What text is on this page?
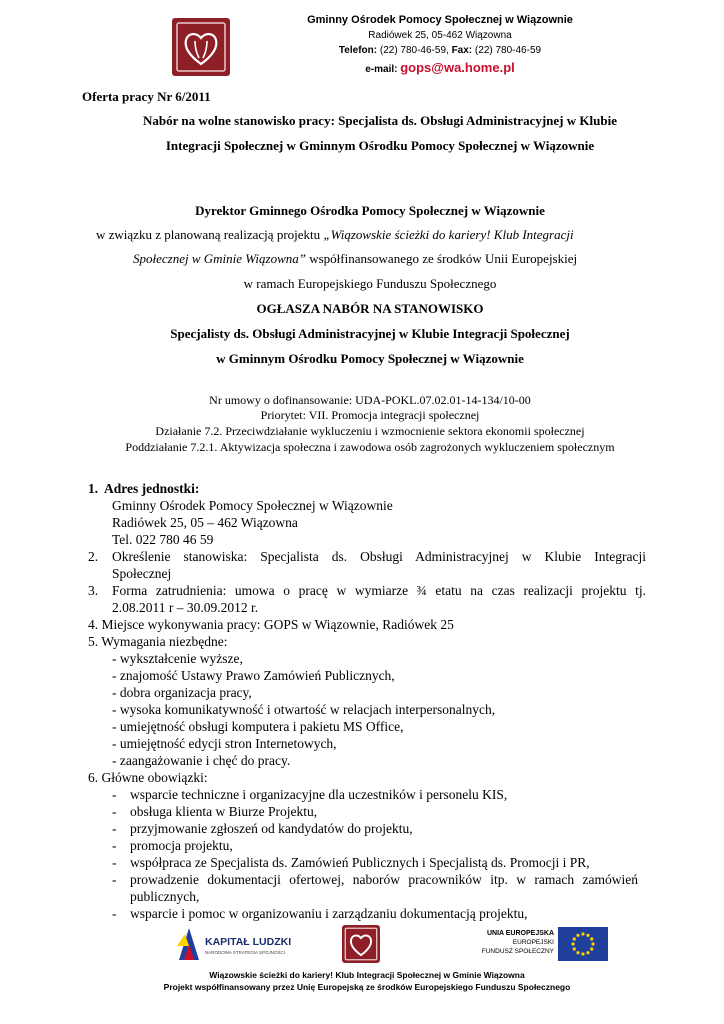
Gminny Ośrodek Pomocy Społecznej w Wiązownie
Radiówek 25, 05-462 Wiązowna
Telefon: (22) 780-46-59, Fax: (22) 780-46-59
e-mail: gops@wa.home.pl
Oferta pracy Nr 6/2011
Nabór na wolne stanowisko pracy: Specjalista ds. Obsługi Administracyjnej w Klubie
Integracji Społecznej w Gminnym Ośrodku Pomocy Społecznej w Wiązownie
Dyrektor Gminnego Ośrodka Pomocy Społecznej w Wiązownie
w związku z planowaną realizacją projektu „Wiązowskie ścieżki do kariery! Klub Integracji
Społecznej w Gminie Wiązowna” współfinansowanego ze środków Unii Europejskiej
w ramach Europejskiego Funduszu Społecznego
OGŁASZA NABÓR NA STANOWISKO
Specjalisty ds. Obsługi Administracyjnej w Klubie Integracji Społecznej
w Gminnym Ośrodku Pomocy Społecznej w Wiązownie
Nr umowy o dofinansowanie: UDA-POKL.07.02.01-14-134/10-00
Priorytet: VII. Promocja integracji społecznej
Działanie 7.2. Przeciwdziałanie wykluczeniu i wzmocnienie sektora ekonomii społecznej
Poddziałanie 7.2.1. Aktywizacja społeczna i zawodowa osób zagrożonych wykluczeniem społecznym
1. Adres jednostki:
Gminny Ośrodek Pomocy Społecznej w Wiązownie
Radiówek 25, 05 – 462 Wiązowna
Tel. 022 780 46 59
2. Określenie stanowiska: Specjalista ds. Obsługi Administracyjnej w Klubie Integracji
Społecznej
3. Forma zatrudnienia: umowa o pracę w wymiarze ¾ etatu na czas realizacji projektu tj.
2.08.2011 r – 30.09.2012 r.
4. Miejsce wykonywania pracy: GOPS w Wiązownie, Radiówek 25
5. Wymagania niezbędne:
- wykształcenie wyższe,
- znajomość Ustawy Prawo Zamówień Publicznych,
- dobra organizacja pracy,
- wysoka komunikatywność i otwartość w relacjach interpersonalnych,
- umiejętność obsługi komputera i pakietu MS Office,
- umiejętność edycji stron Internetowych,
- zaangażowanie i chęć do pracy.
6. Główne obowiązki:
- wsparcie techniczne i organizacyjne dla uczestników i personelu KIS,
- obsługa klienta w Biurze Projektu,
- przyjmowanie zgłoszeń od kandydatów do projektu,
- promocja projektu,
- współpraca ze Specjalista ds. Zamówień Publicznych i Specjalistą ds. Promocji i PR,
- prowadzenie dokumentacji ofertowej, naborów pracowników itp. w ramach zamówień
publicznych,
- wsparcie i pomoc w organizowaniu i zarządzaniu dokumentacją projektu,
KAPITAŁ LUDZKI
NARODOWA STRATEGIA SPÓJNOŚCI
UNIA EUROPEJSKA
EUROPEJSKI
FUNDUSZ SPOŁECZNY
Wiązowskie ścieżki do kariery! Klub Integracji Społecznej w Gminie Wiązowna
Projekt współfinansowany przez Unię Europejską ze środków Europejskiego Funduszu Społecznego
